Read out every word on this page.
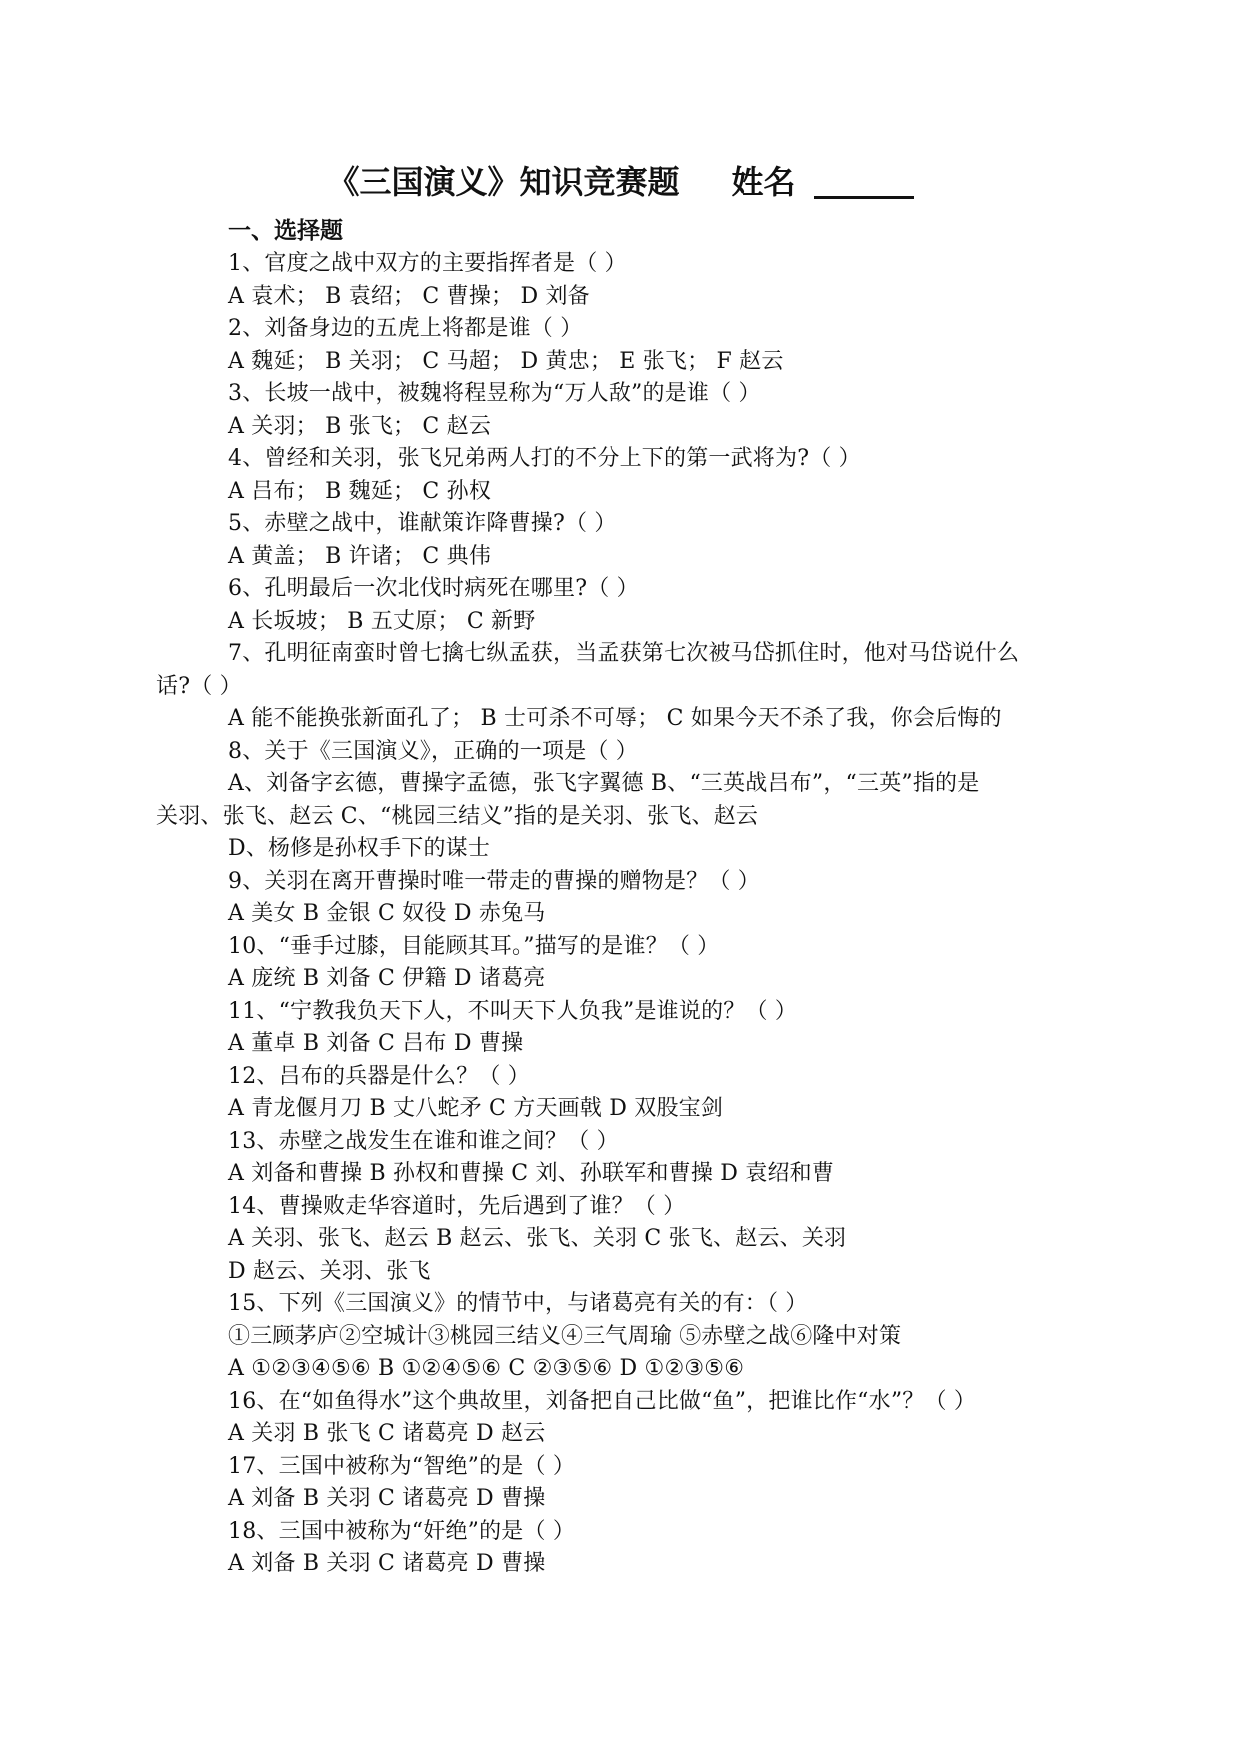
《三国演义》知识竞赛题 姓名
一、选择题
1、官度之战中双方的主要指挥者是（ ）
A 袁术； B 袁绍； C 曹操； D 刘备
2、刘备身边的五虎上将都是谁（ ）
A 魏延； B 关羽； C 马超； D 黄忠； E 张飞； F 赵云
3、长坡一战中，被魏将程昱称为“万人敌”的是谁（ ）
A 关羽； B 张飞； C 赵云
4、曾经和关羽，张飞兄弟两人打的不分上下的第一武将为?（ ）
A 吕布； B 魏延； C 孙权
5、赤壁之战中，谁献策诈降曹操?（ ）
A 黄盖； B 许诸； C 典伟
6、孔明最后一次北伐时病死在哪里?（ ）
A 长坂坡； B 五丈原； C 新野
7、孔明征南蛮时曾七擒七纵孟获，当孟获第七次被马岱抓住时，他对马岱说什么
话?（ ）
A 能不能换张新面孔了； B 士可杀不可辱； C 如果今天不杀了我，你会后悔的
8、关于《三国演义》，正确的一项是（ ）
A、刘备字玄德，曹操字孟德，张飞字翼德 B、“三英战吕布”，“三英”指的是
关羽、张飞、赵云 C、“桃园三结义”指的是关羽、张飞、赵云
D、杨修是孙权手下的谋士
9、关羽在离开曹操时唯一带走的曹操的赠物是？（ ）
A 美女 B 金银 C 奴役 D 赤兔马
10、“垂手过膝，目能顾其耳。”描写的是谁？（ ）
A 庞统 B 刘备 C 伊籍 D 诸葛亮
11、“宁教我负天下人，不叫天下人负我”是谁说的？（ ）
A 董卓 B 刘备 C 吕布 D 曹操
12、吕布的兵器是什么？（ ）
A 青龙偃月刀 B 丈八蛇矛 C 方天画戟 D 双股宝剑
13、赤壁之战发生在谁和谁之间？（ ）
A 刘备和曹操 B 孙权和曹操 C 刘、孙联军和曹操 D 袁绍和曹
14、曹操败走华容道时，先后遇到了谁？（ ）
A 关羽、张飞、赵云 B 赵云、张飞、关羽 C 张飞、赵云、关羽
D 赵云、关羽、张飞
15、下列《三国演义》的情节中，与诸葛亮有关的有：（ ）
①三顾茅庐②空城计③桃园三结义④三气周瑜 ⑤赤壁之战⑥隆中对策
A ①②③④⑤⑥ B ①②④⑤⑥ C ②③⑤⑥ D ①②③⑤⑥
16、在“如鱼得水”这个典故里，刘备把自己比做“鱼”，把谁比作“水”？（ ）
A 关羽 B 张飞 C 诸葛亮 D 赵云
17、三国中被称为“智绝”的是（ ）
A 刘备 B 关羽 C 诸葛亮 D 曹操
18、三国中被称为“奸绝”的是（ ）
A 刘备 B 关羽 C 诸葛亮 D 曹操
